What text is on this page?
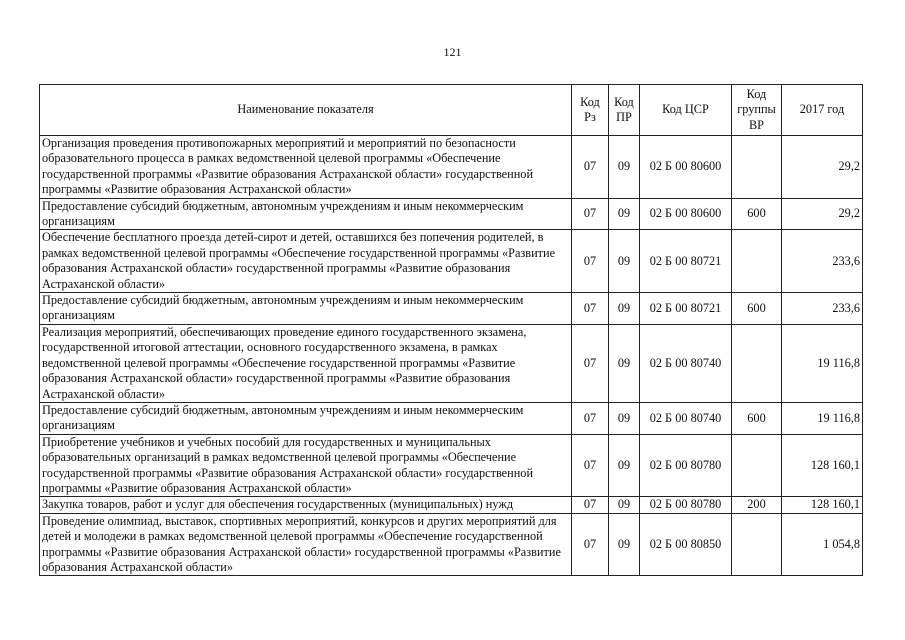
121
Наименование показателя	Код Рз	Код ПР	Код ЦСР	Код группы ВР	2017 год
Организация проведения противопожарных мероприятий и мероприятий по безопасности образовательного процесса в рамках ведомственной целевой программы «Обеспечение государственной программы «Развитие образования Астраханской области» государственной программы «Развитие образования Астраханской области»	07	09	02 Б 00 80600		29,2
Предоставление субсидий бюджетным, автономным учреждениям и иным некоммерческим организациям	07	09	02 Б 00 80600	600	29,2
Обеспечение бесплатного проезда детей-сирот и детей, оставшихся без попечения родителей, в рамках ведомственной целевой программы «Обеспечение государственной программы «Развитие образования Астраханской области» государственной программы «Развитие образования Астраханской области»	07	09	02 Б 00 80721		233,6
Предоставление субсидий бюджетным, автономным учреждениям и иным некоммерческим организациям	07	09	02 Б 00 80721	600	233,6
Реализация мероприятий, обеспечивающих проведение единого государственного экзамена, государственной итоговой аттестации, основного государственного экзамена, в рамках ведомственной целевой программы «Обеспечение государственной программы «Развитие образования Астраханской области» государственной программы «Развитие образования Астраханской области»	07	09	02 Б 00 80740		19 116,8
Предоставление субсидий бюджетным, автономным учреждениям и иным некоммерческим организациям	07	09	02 Б 00 80740	600	19 116,8
Приобретение учебников и учебных пособий для государственных и муниципальных образовательных организаций в рамках ведомственной целевой программы «Обеспечение государственной программы «Развитие образования Астраханской области» государственной программы «Развитие образования Астраханской области»	07	09	02 Б 00 80780		128 160,1
Закупка товаров, работ и услуг для обеспечения государственных (муниципальных) нужд	07	09	02 Б 00 80780	200	128 160,1
Проведение олимпиад, выставок, спортивных мероприятий, конкурсов и других мероприятий для детей и молодежи в рамках ведомственной целевой программы «Обеспечение государственной программы «Развитие образования Астраханской области» государственной программы «Развитие образования Астраханской области»	07	09	02 Б 00 80850		1 054,8
